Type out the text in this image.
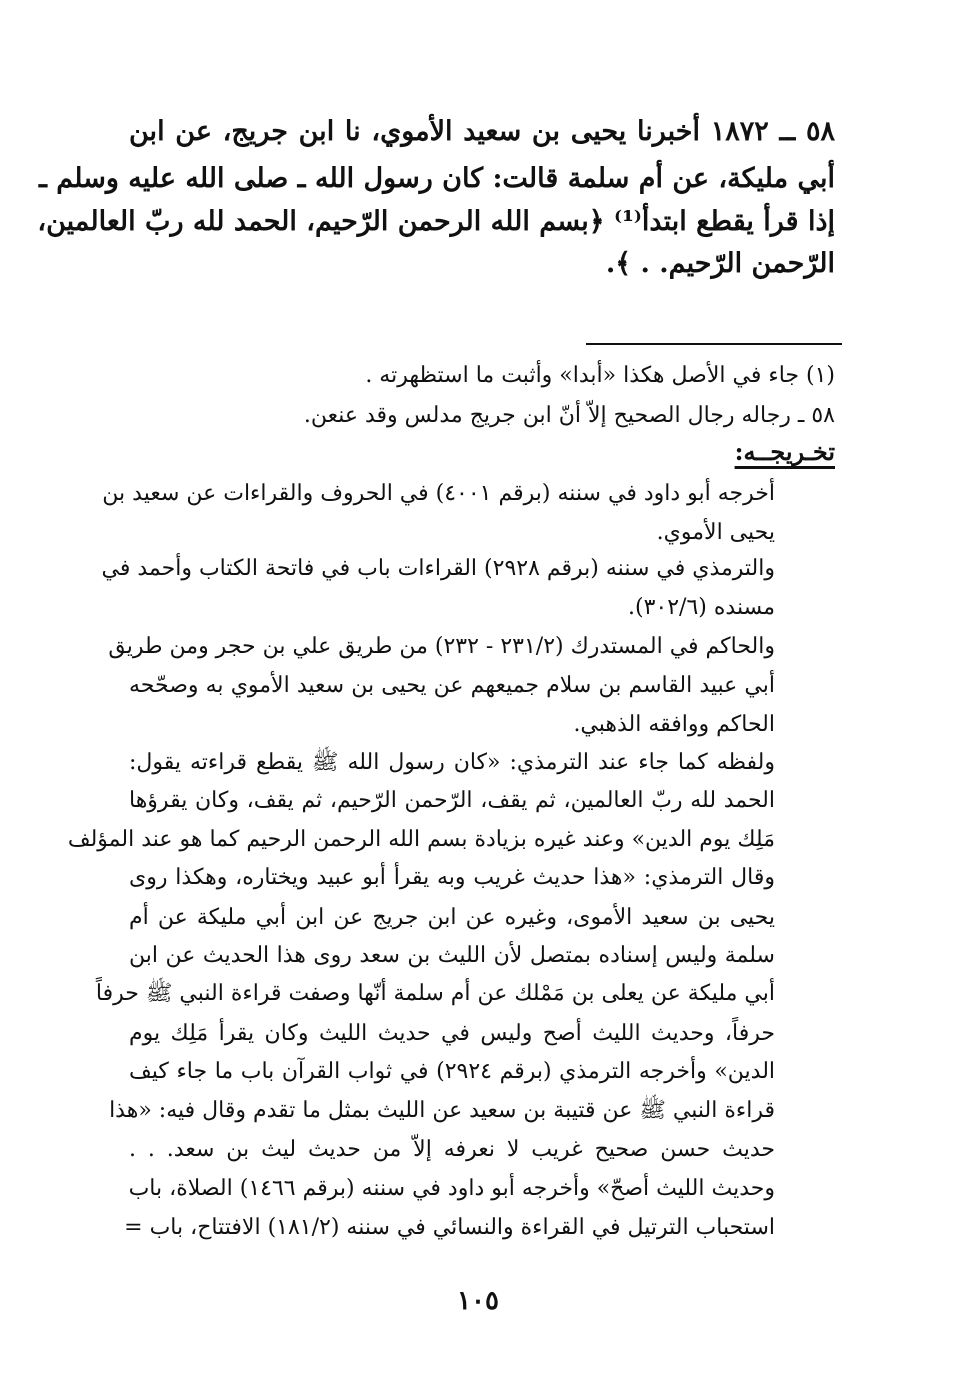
٥٨ ــ ١٨٧٢ أخبرنا يحيى بن سعيد الأموي، نا ابن جريج، عن ابن
أبي مليكة، عن أم سلمة قالت: كان رسول الله ـ صلى الله عليه وسلم ـ
إذا قرأ يقطع ابتدأ⁽¹⁾ ﴿بسم الله الرحمن الرّحيم، الحمد لله ربّ العالمين،
الرّحمن الرّحيم. . ﴾.
(١) جاء في الأصل هكذا «أبدا» وأثبت ما استظهرته .
٥٨ ـ رجاله رجال الصحيح إلاّ أنّ ابن جريج مدلس وقد عنعن.
تخـريجــه:
أخرجه أبو داود في سننه (برقم ٤٠٠١) في الحروف والقراءات عن سعيد بن
يحيى الأموي.
والترمذي في سننه (برقم ٢٩٢٨) القراءات باب في فاتحة الكتاب وأحمد في
مسنده (٣٠٢/٦).
والحاكم في المستدرك (٢٣١/٢ - ٢٣٢) من طريق علي بن حجر ومن طريق
أبي عبيد القاسم بن سلام جميعهم عن يحيى بن سعيد الأموي به وصحّحه
الحاكم ووافقه الذهبي.
ولفظه كما جاء عند الترمذي: «كان رسول الله ﷺ يقطع قراءته يقول:
الحمد لله ربّ العالمين، ثم يقف، الرّحمن الرّحيم، ثم يقف، وكان يقرؤها
مَلِك يوم الدين» وعند غيره بزيادة بسم الله الرحمن الرحيم كما هو عند المؤلف
وقال الترمذي: «هذا حديث غريب وبه يقرأ أبو عبيد ويختاره، وهكذا روى
يحيى بن سعيد الأموى، وغيره عن ابن جريج عن ابن أبي مليكة عن أم
سلمة وليس إسناده بمتصل لأن الليث بن سعد روى هذا الحديث عن ابن
أبي مليكة عن يعلى بن مَمْلك عن أم سلمة أنّها وصفت قراءة النبي ﷺ حرفاً
حرفاً، وحديث الليث أصح وليس في حديث الليث وكان يقرأ مَلِك يوم
الدين» وأخرجه الترمذي (برقم ٢٩٢٤) في ثواب القرآن باب ما جاء كيف
قراءة النبي ﷺ عن قتيبة بن سعيد عن الليث بمثل ما تقدم وقال فيه: «هذا
حديث حسن صحيح غريب لا نعرفه إلاّ من حديث ليث بن سعد. . .
وحديث الليث أصحّ» وأخرجه أبو داود في سننه (برقم ١٤٦٦) الصلاة، باب
استحباب الترتيل في القراءة والنسائي في سننه (١٨١/٢) الافتتاح، باب =
١٠٥
